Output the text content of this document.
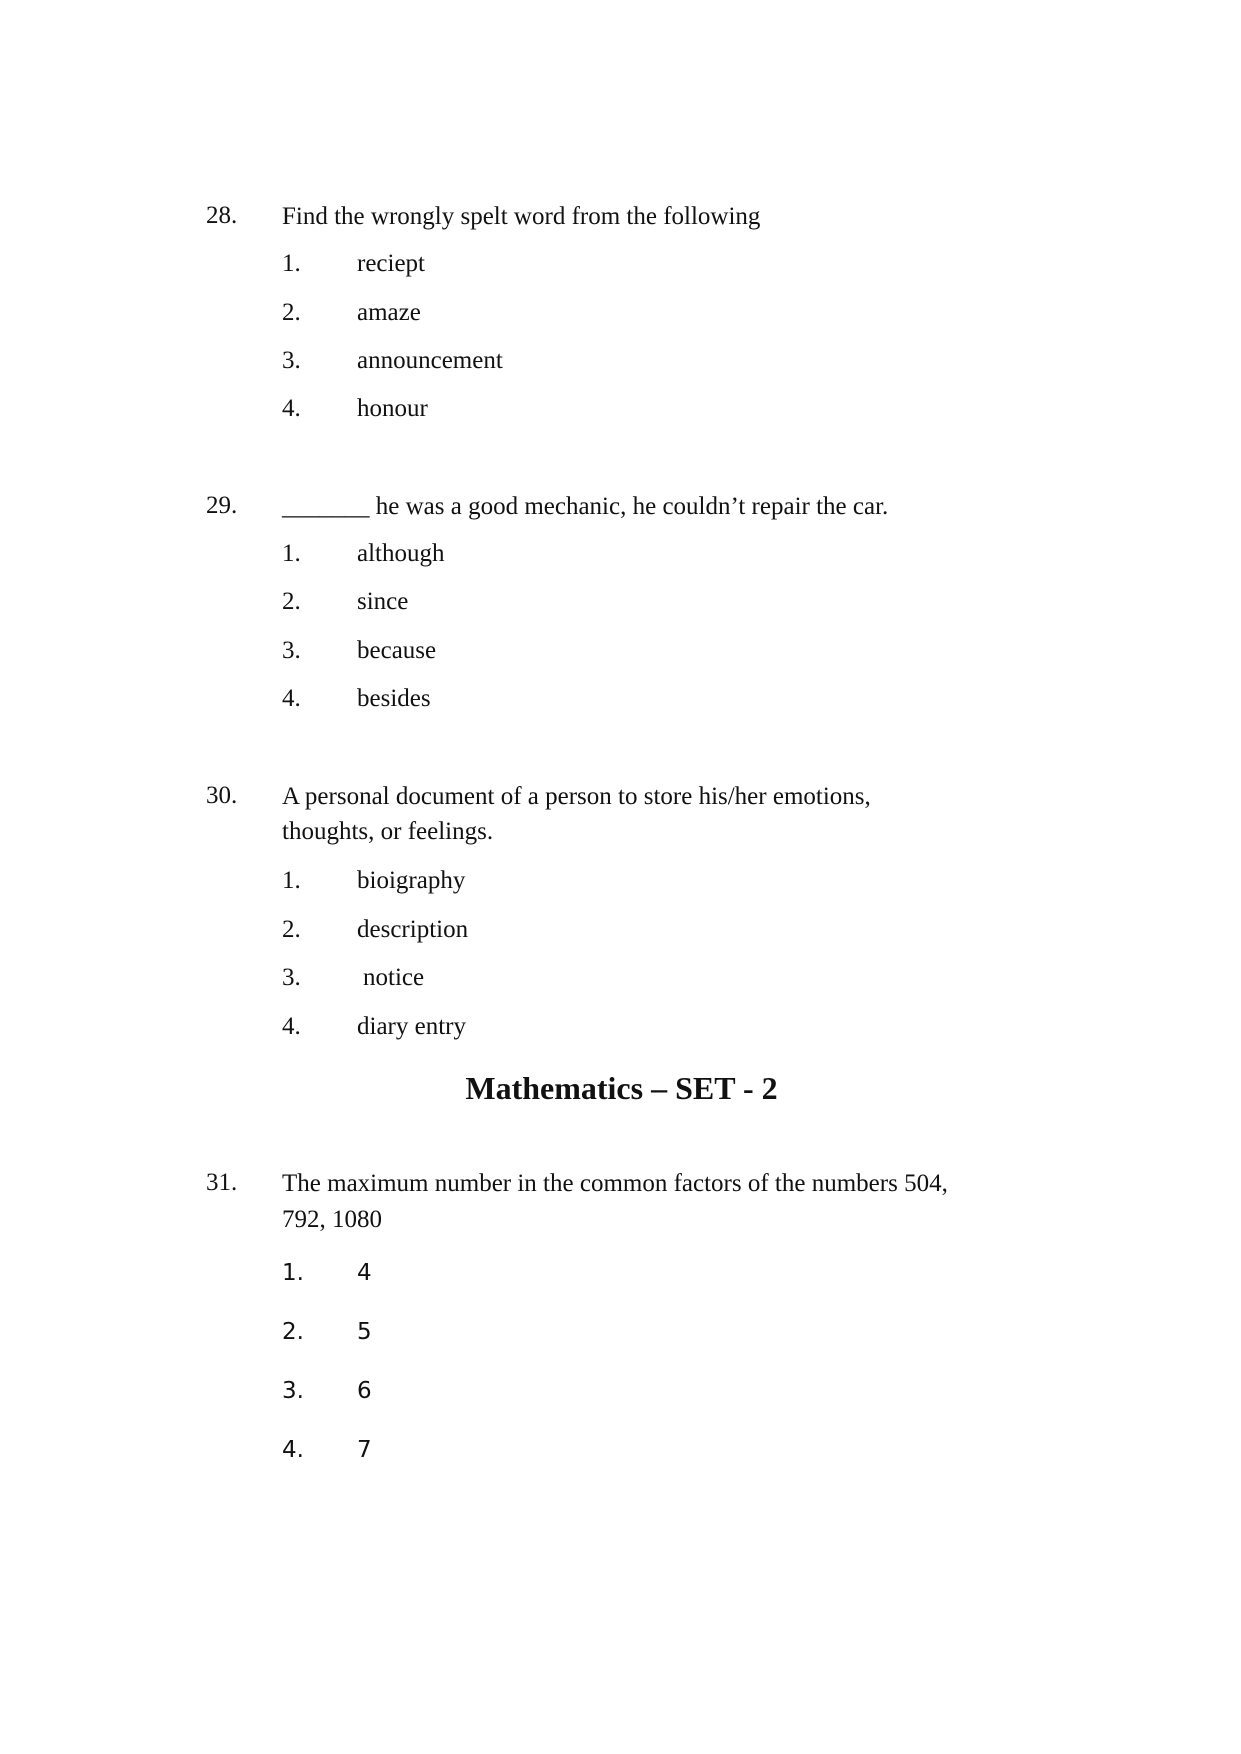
28. Find the wrongly spelt word from the following
1. reciept
2. amaze
3. announcement
4. honour
29. _______ he was a good mechanic, he couldn’t repair the car.
1. although
2. since
3. because
4. besides
30. A personal document of a person to store his/her emotions,
thoughts, or feelings.
1. bioigraphy
2. description
3. notice
4. diary entry
Mathematics – SET - 2
31. The maximum number in the common factors of the numbers 504,
792, 1080
1. 4
2. 5
3. 6
4. 7
